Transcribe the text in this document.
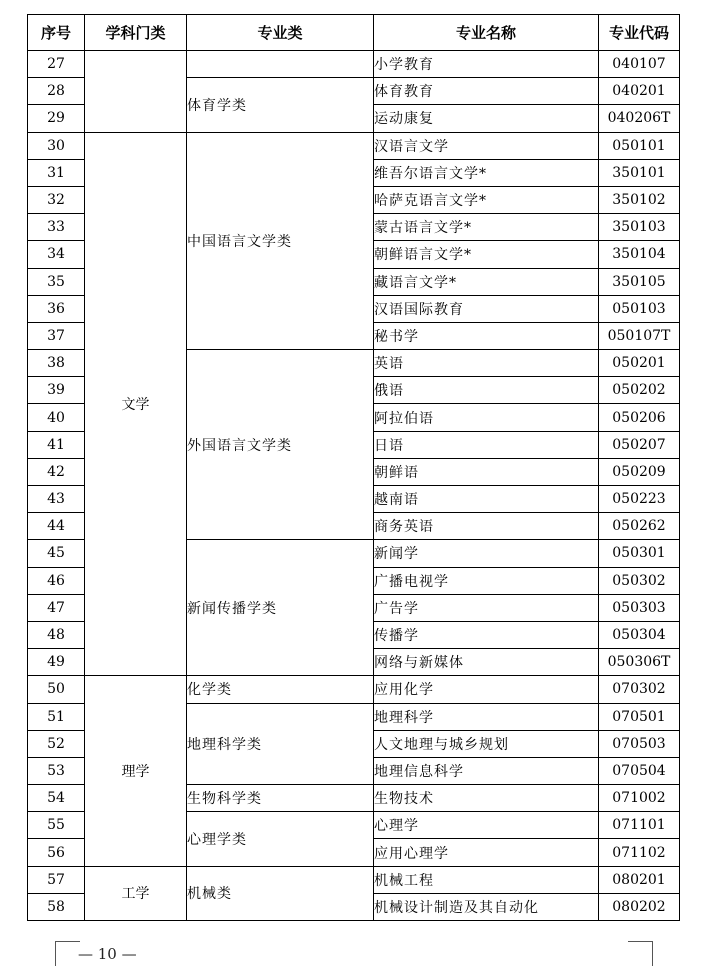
序号	学科门类	专业类	专业名称	专业代码
27			小学教育	040107
28		体育学类	体育教育	040201
29			运动康复	040206T
30	文学	中国语言文学类	汉语言文学	050101
31			维吾尔语言文学*	350101
32			哈萨克语言文学*	350102
33			蒙古语言文学*	350103
34			朝鲜语言文学*	350104
35			藏语言文学*	350105
36			汉语国际教育	050103
37			秘书学	050107T
38		外国语言文学类	英语	050201
39			俄语	050202
40			阿拉伯语	050206
41			日语	050207
42			朝鲜语	050209
43			越南语	050223
44			商务英语	050262
45		新闻传播学类	新闻学	050301
46			广播电视学	050302
47			广告学	050303
48			传播学	050304
49			网络与新媒体	050306T
50	理学	化学类	应用化学	070302
51		地理科学类	地理科学	070501
52			人文地理与城乡规划	070503
53			地理信息科学	070504
54		生物科学类	生物技术	071002
55		心理学类	心理学	071101
56			应用心理学	071102
57	工学	机械类	机械工程	080201
58			机械设计制造及其自动化	080202
— 10 —
